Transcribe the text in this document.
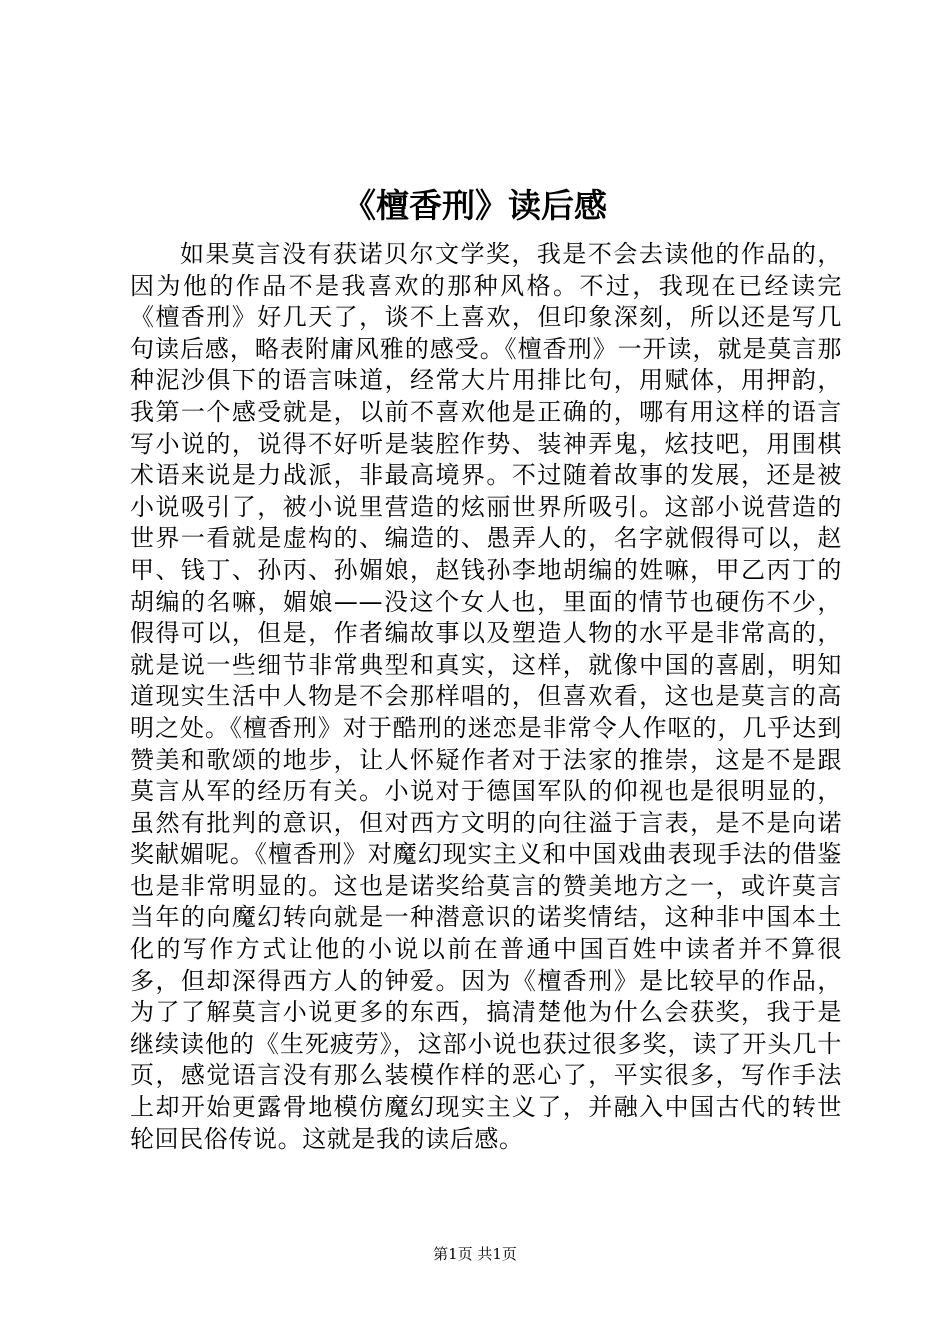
《檀香刑》读后感

如果莫言没有获诺贝尔文学奖，我是不会去读他的作品的，因为他的作品不是我喜欢的那种风格。不过，我现在已经读完《檀香刑》好几天了，谈不上喜欢，但印象深刻，所以还是写几句读后感，略表附庸风雅的感受。《檀香刑》一开读，就是莫言那种泥沙俱下的语言味道，经常大片用排比句，用赋体，用押韵，我第一个感受就是，以前不喜欢他是正确的，哪有用这样的语言写小说的，说得不好听是装腔作势、装神弄鬼，炫技吧，用围棋术语来说是力战派，非最高境界。不过随着故事的发展，还是被小说吸引了，被小说里营造的炫丽世界所吸引。这部小说营造的世界一看就是虚构的、编造的、愚弄人的，名字就假得可以，赵甲、钱丁、孙丙、孙媚娘，赵钱孙李地胡编的姓嘛，甲乙丙丁的胡编的名嘛，媚娘——没这个女人也，里面的情节也硬伤不少，假得可以，但是，作者编故事以及塑造人物的水平是非常高的，就是说一些细节非常典型和真实，这样，就像中国的喜剧，明知道现实生活中人物是不会那样唱的，但喜欢看，这也是莫言的高明之处。《檀香刑》对于酷刑的迷恋是非常令人作呕的，几乎达到赞美和歌颂的地步，让人怀疑作者对于法家的推崇，这是不是跟莫言从军的经历有关。小说对于德国军队的仰视也是很明显的，虽然有批判的意识，但对西方文明的向往溢于言表，是不是向诺奖献媚呢。《檀香刑》对魔幻现实主义和中国戏曲表现手法的借鉴也是非常明显的。这也是诺奖给莫言的赞美地方之一，或许莫言当年的向魔幻转向就是一种潜意识的诺奖情结，这种非中国本土化的写作方式让他的小说以前在普通中国百姓中读者并不算很多，但却深得西方人的钟爱。因为《檀香刑》是比较早的作品，为了了解莫言小说更多的东西，搞清楚他为什么会获奖，我于是继续读他的《生死疲劳》，这部小说也获过很多奖，读了开头几十页，感觉语言没有那么装模作样的恶心了，平实很多，写作手法上却开始更露骨地模仿魔幻现实主义了，并融入中国古代的转世轮回民俗传说。这就是我的读后感。

第1页 共1页
